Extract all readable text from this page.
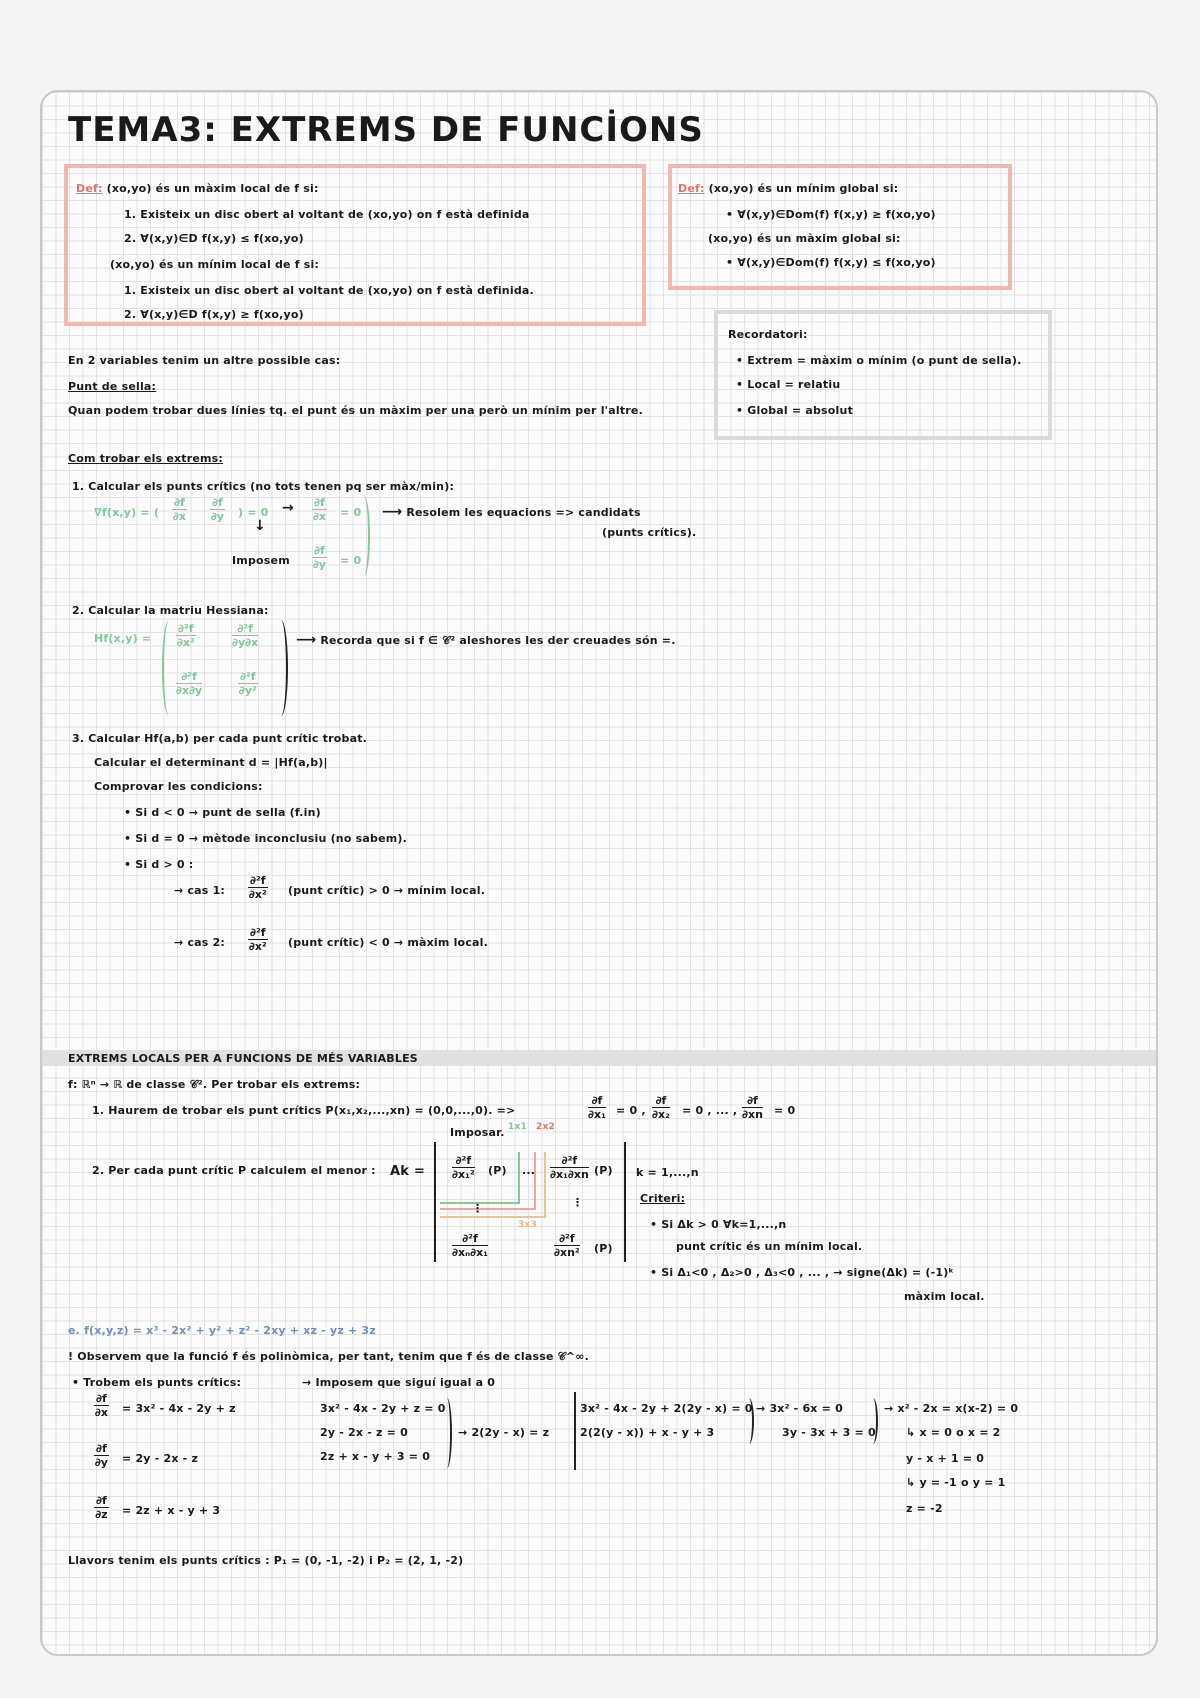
TEMA3: EXTREMS DE FUNCİONS
Def: (xo,yo) és un màxim local de f si:
1. Existeix un disc obert al voltant de (xo,yo) on f està definida
2. ∀(x,y)∈D f(x,y) ≤ f(xo,yo)
(xo,yo) és un mínim local de f si:
1. Existeix un disc obert al voltant de (xo,yo) on f està definida.
2. ∀(x,y)∈D f(x,y) ≥ f(xo,yo)
Def: (xo,yo) és un mínim global si:
• ∀(x,y)∈Dom(f) f(x,y) ≥ f(xo,yo)
(xo,yo) és un màxim global si:
• ∀(x,y)∈Dom(f) f(x,y) ≤ f(xo,yo)
Recordatori:
• Extrem = màxim o mínim (o punt de sella).
• Local = relatiu
• Global = absolut
En 2 variables tenim un altre possible cas:
Punt de sella:
Quan podem trobar dues línies tq. el punt és un màxim per una però un mínim per l'altre.
Com trobar els extrems:
1. Calcular els punts crítics (no tots tenen pq ser màx/min):
∇f(x,y) = ( $\frac{\partial f}{\partial x} \frac{\partial f}{\partial y}$ ) = $0 \to \frac{\partial f}{\partial x} = 0$
↓
Imposem $\frac{\partial f}{\partial y} = 0$
⟶ Resolem les equacions => candidats
(punts crítics).
2. Calcular la matriu Hessiana:
$Hf(x,y) = \frac{\text{∂²f}}{\text{∂x²}}$	$\frac{\text{∂²f}}{\partial y\partial x}$
$\frac{\text{∂²f}}{\partial x\partial y}$	$\frac{\text{∂²f}}{\text{∂y²}}$
⟶ Recorda que si f ∈ 𝒞² aleshores les der creuades són =.
3. Calcular Hf(a,b) per cada punt crític trobat.
Calcular el determinant d = |Hf(a,b)|
Comprovar les condicions:
• Si d < 0 → punt de sella (f.in)
• Si d = 0 → mètode inconclusiu (no sabem).
• Si d > 0 :
→ cas 1: $\frac{\text{∂²f}}{\text{∂x²}}$ (punt crític) > 0 → mínim local.
→ cas 2: $\frac{\text{∂²f}}{\text{∂x²}}$ (punt crític) < 0 → màxim local.
EXTREMS LOCALS PER A FUNCIONS DE MÉS VARIABLES
f: ℝⁿ → ℝ de classe 𝒞². Per trobar els extrems:
1. Haurem de trobar els punt crítics P(x₁,x₂,...,xn) = (0,0,...,0). =>	$\frac{\partial f}{\text{∂x₁}} = 0$ , $\frac{\partial f}{\text{∂x₂}} = 0$ , ... , $\frac{\partial f}{\partial xn} = 0$
Imposar. 1x1 2x2
3x3
2. Per cada punt crític P calculem el menor : $Ak = \frac{\text{∂²f}}{\text{∂x₁²}} (P)$ ... $\frac{\text{∂²f}}{\text{∂x₁∂xn}} (P)$
⋮	⋮
$\frac{\text{∂²f}}{\text{∂xₙ∂x₁}}$	$\frac{\text{∂²f}}{\text{∂xn²}} (P)$
k = 1,...,n
Criteri:
• Si Δk > 0 ∀k=1,...,n
punt crític és un mínim local.
• Si Δ₁<0 , Δ₂>0 , Δ₃<0 , ... , → signe(Δk) = (-1)ᵏ
màxim local.
e. f(x,y,z) = x³ - 2x² + y² + z² - 2xy + xz - yz + 3z
! Observem que la funció f és polinòmica, per tant, tenim que f és de classe 𝒞^∞.
• Trobem els punts crítics:	→ Imposem que siguí igual a 0
$\frac{\partial f}{\partial x} = 3x^2 - 4x - 2y + z$
$\frac{\partial f}{\partial y} = 2y - 2x - z$
$\frac{\partial f}{\partial z} = 2z + x - y + 3$
3x² - 4x - 2y + z = 0
2y - 2x - z = 0
2z + x - y + 3 = 0
→ 2(2y - x) = z
3x² - 4x - 2y + 2(2y - x) = 0
2(2(y - x)) + x - y + 3
→ 3x² - 6x = 0
3y - 3x + 3 = 0
→ x² - 2x = x(x-2) = 0
↳ x = 0 o x = 2
y - x + 1 = 0
↳ y = -1 o y = 1
z = -2
Llavors tenim els punts crítics : P₁ = (0, -1, -2) i P₂ = (2, 1, -2)
